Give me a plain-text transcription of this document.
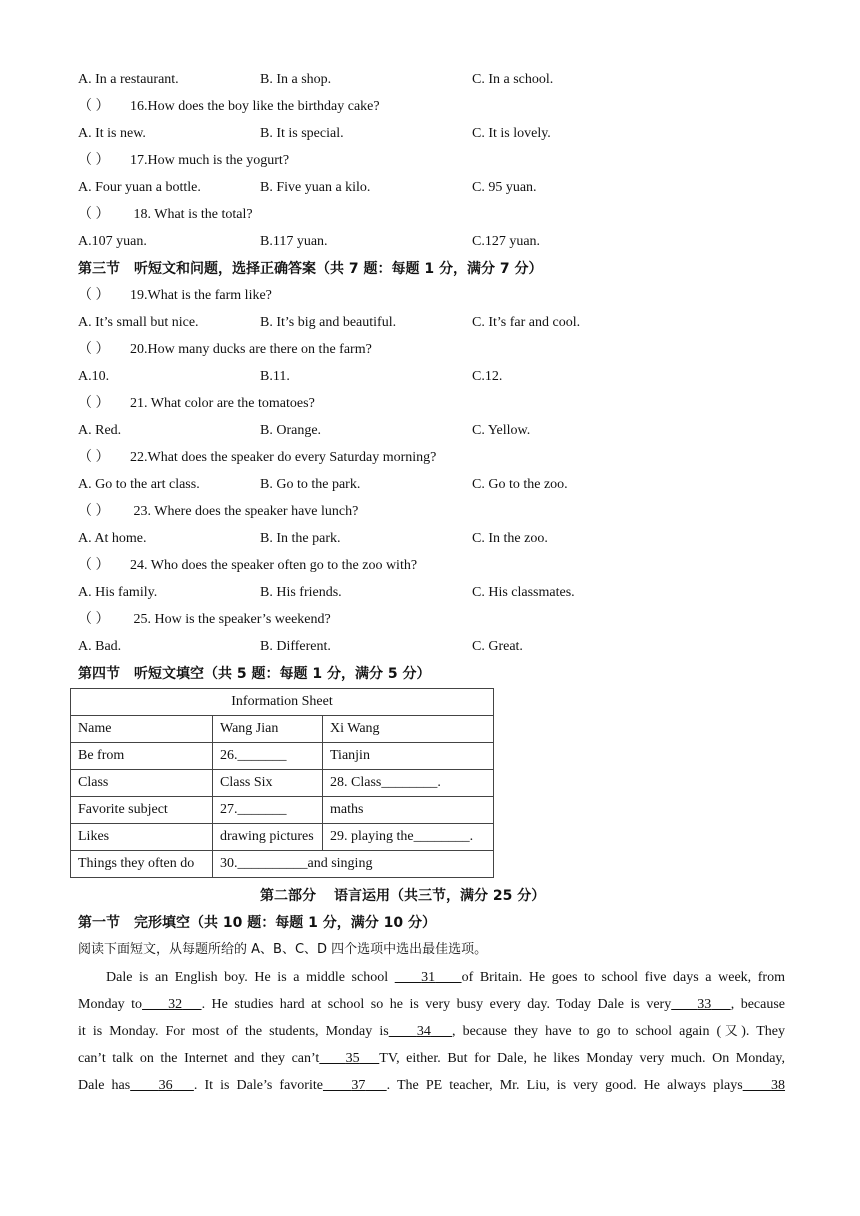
A. In a restaurant.	B. In a shop.	C. In a school.
（ ） 16.How does the boy like the birthday cake?
A. It is new.	B. It is special.	C. It is lovely.
（ ） 17.How much is the yogurt?
A. Four yuan a bottle.	B. Five yuan a kilo.	C. 95 yuan.
（ ） 18. What is the total?
A.107 yuan.	B.117 yuan.	C.127 yuan.
第三节 听短文和问题，选择正确答案（共 7 题：每题 1 分，满分 7 分）
（ ） 19.What is the farm like?
A. It’s small but nice.	B. It’s big and beautiful.	C. It’s far and cool.
（ ） 20.How many ducks are there on the farm?
A.10.	B.11.	C.12.
（ ） 21. What color are the tomatoes?
A. Red.	B. Orange.	C. Yellow.
（ ） 22.What does the speaker do every Saturday morning?
A. Go to the art class.	B. Go to the park.	C. Go to the zoo.
（ ） 23. Where does the speaker have lunch?
A. At home.	B. In the park.	C. In the zoo.
（ ） 24. Who does the speaker often go to the zoo with?
A. His family.	B. His friends.	C. His classmates.
（ ） 25. How is the speaker’s weekend?
A. Bad.	B. Different.	C. Great.
第四节 听短文填空（共 5 题：每题 1 分，满分 5 分）
Information Sheet		
Name	Wang Jian	Xi Wang
Be from	26._______	Tianjin
Class	Class Six	28. Class________.
Favorite subject	27._______	maths
Likes	drawing pictures	29. playing the________.
Things they often do	30.__________and singing	
第二部分 语言运用（共三节，满分 25 分）
第一节 完形填空（共 10 题：每题 1 分，满分 10 分）
阅读下面短文，从每题所给的 A、B、C、D 四个选项中选出最佳选项。
Dale is an English boy. He is a middle school     31 of Britain. He goes to school five days a week, from
Monday to 32 . He studies hard at school so he is very busy every day. Today Dale is very 33 , because
it is Monday. For most of the students, Monday is 34 , because they have to go to school again (又). They
can’t talk on the Internet and they can’t 35 TV, either. But for Dale, he likes Monday very much. On Monday,
Dale has 36 . It is Dale’s favorite 37 . The PE teacher, Mr. Liu, is very good. He always plays 38
